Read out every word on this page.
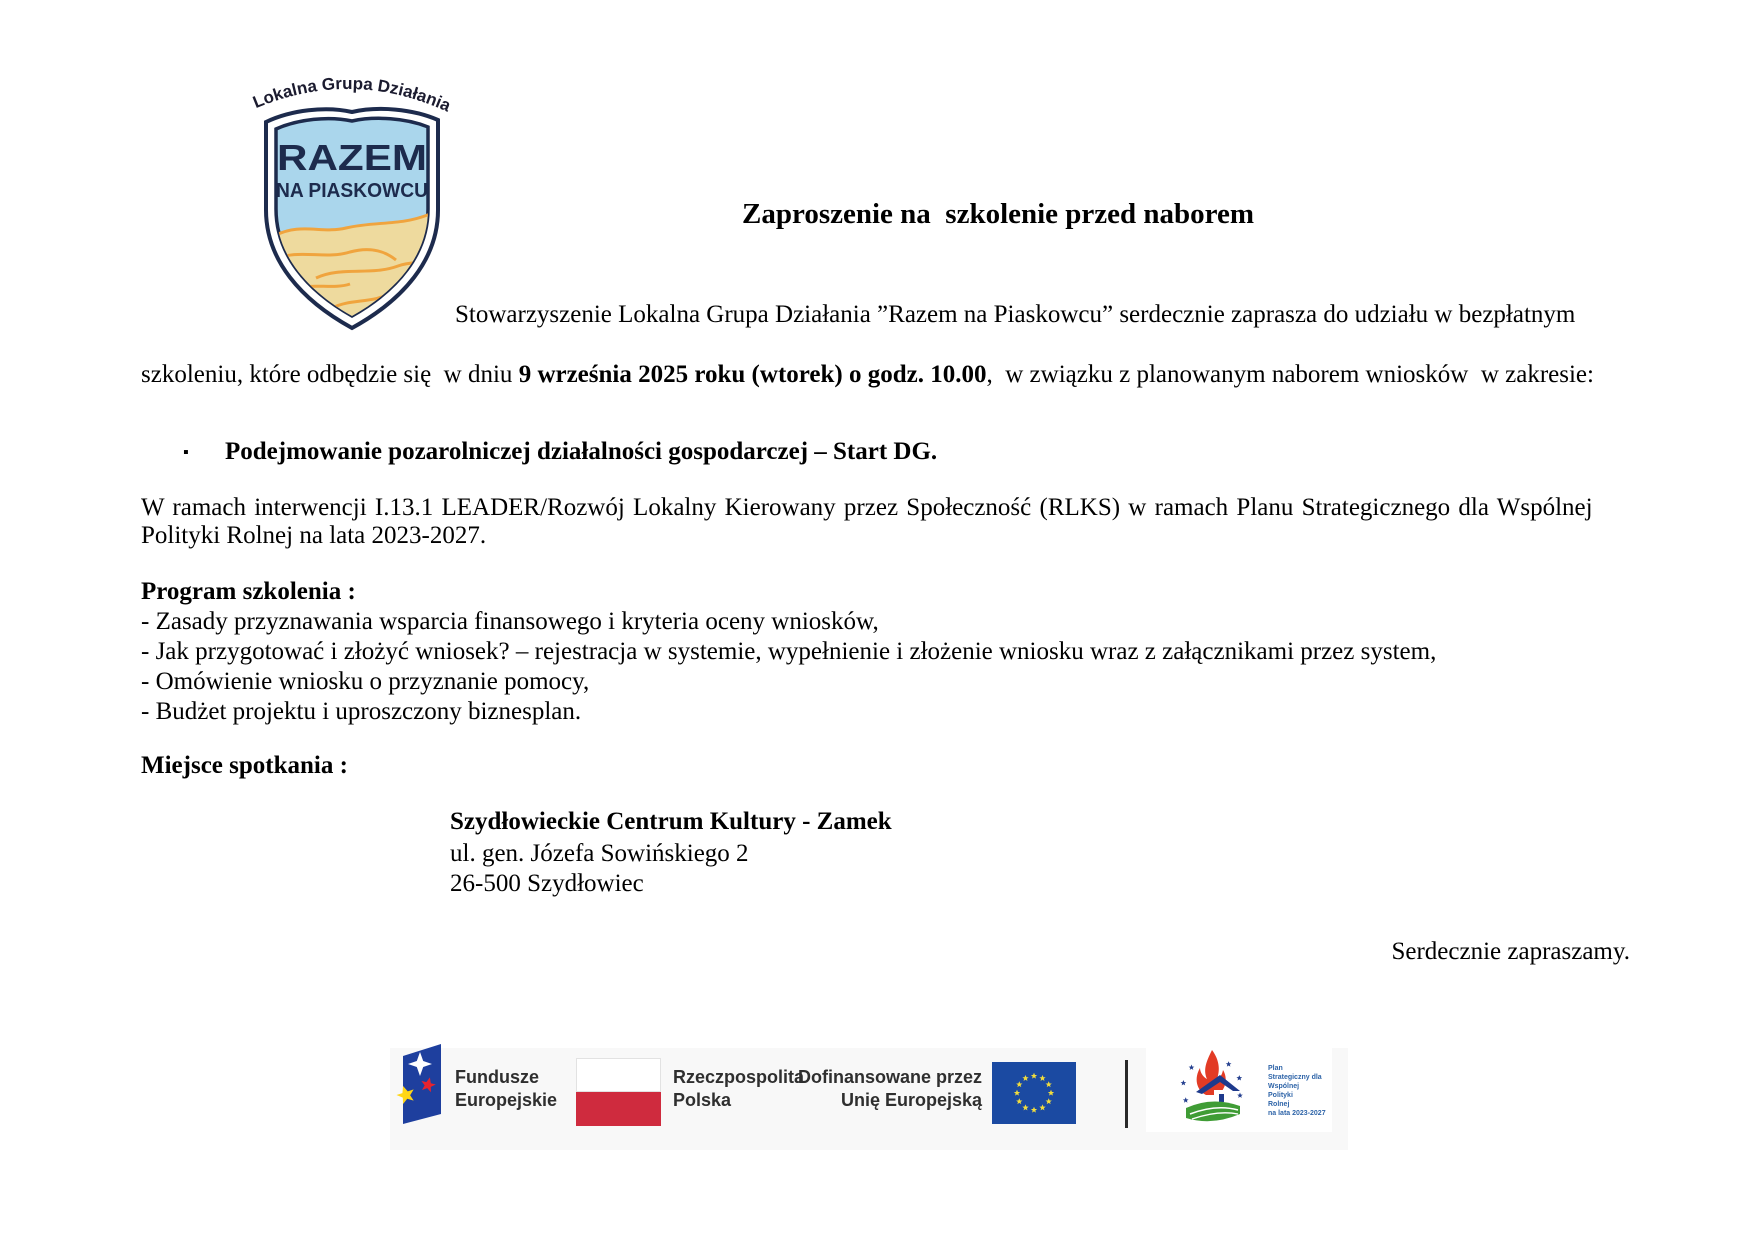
Lokalna Grupa Działania
RAZEM
NA PIASKOWCU
Zaproszenie na  szkolenie przed naborem
Stowarzyszenie Lokalna Grupa Działania ”Razem na Piaskowcu” serdecznie zaprasza do udziału w bezpłatnym
szkoleniu, które odbędzie się  w dniu 9 września 2025 roku (wtorek) o godz. 10.00,  w związku z planowanym naborem wniosków  w zakresie:
▪ Podejmowanie pozarolniczej działalności gospodarczej – Start DG.
W ramach interwencji I.13.1 LEADER/Rozwój Lokalny Kierowany przez Społeczność (RLKS) w ramach Planu Strategicznego dla Wspólnej
Polityki Rolnej na lata 2023-2027.
Program szkolenia :
- Zasady przyznawania wsparcia finansowego i kryteria oceny wniosków,
- Jak przygotować i złożyć wniosek? – rejestracja w systemie, wypełnienie i złożenie wniosku wraz z załącznikami przez system,
- Omówienie wniosku o przyznanie pomocy,
- Budżet projektu i uproszczony biznesplan.
Miejsce spotkania :
Szydłowieckie Centrum Kultury - Zamek
ul. gen. Józefa Sowińskiego 2
26-500 Szydłowiec
Serdecznie zapraszamy.
Fundusze
Europejskie
Rzeczpospolita
Polska
Dofinansowane przez
Unię Europejską
Plan
Strategiczny dla
Wspólnej
Polityki
Rolnej
na lata 2023-2027
